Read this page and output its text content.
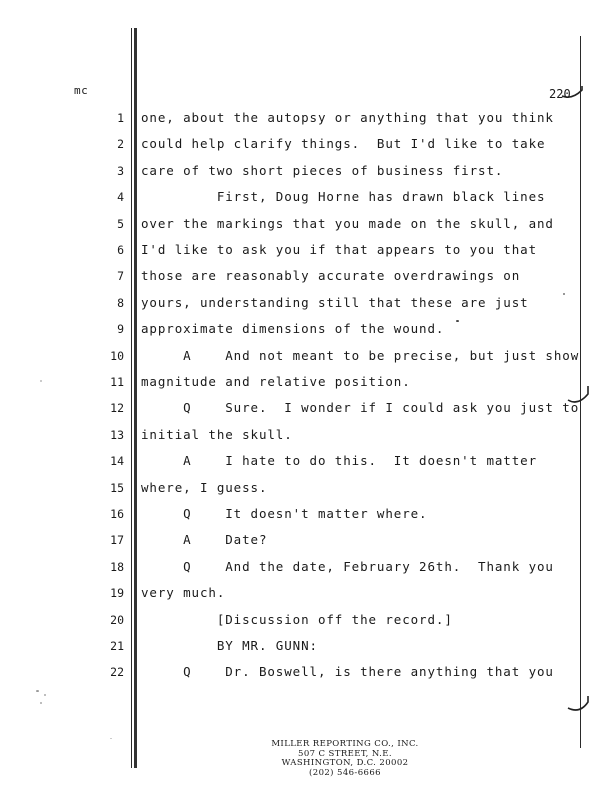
mc	220
1 one, about the autopsy or anything that you think
2 could help clarify things.  But I'd like to take
3 care of two short pieces of business first.
4 First, Doug Horne has drawn black lines
5 over the markings that you made on the skull, and
6 I'd like to ask you if that appears to you that
7 those are reasonably accurate overdrawings on
8 yours, understanding still that these are just
9 approximate dimensions of the wound.
10 A    And not meant to be precise, but just show
11 magnitude and relative position.
12 Q    Sure.  I wonder if I could ask you just to
13 initial the skull.
14 A    I hate to do this.  It doesn't matter
15 where, I guess.
16 Q    It doesn't matter where.
17 A    Date?
18 Q    And the date, February 26th.  Thank you
19 very much.
20 [Discussion off the record.]
21 BY MR. GUNN:
22 Q    Dr. Boswell, is there anything that you
MILLER REPORTING CO., INC.
507 C STREET, N.E.
WASHINGTON, D.C. 20002
(202) 546-6666
